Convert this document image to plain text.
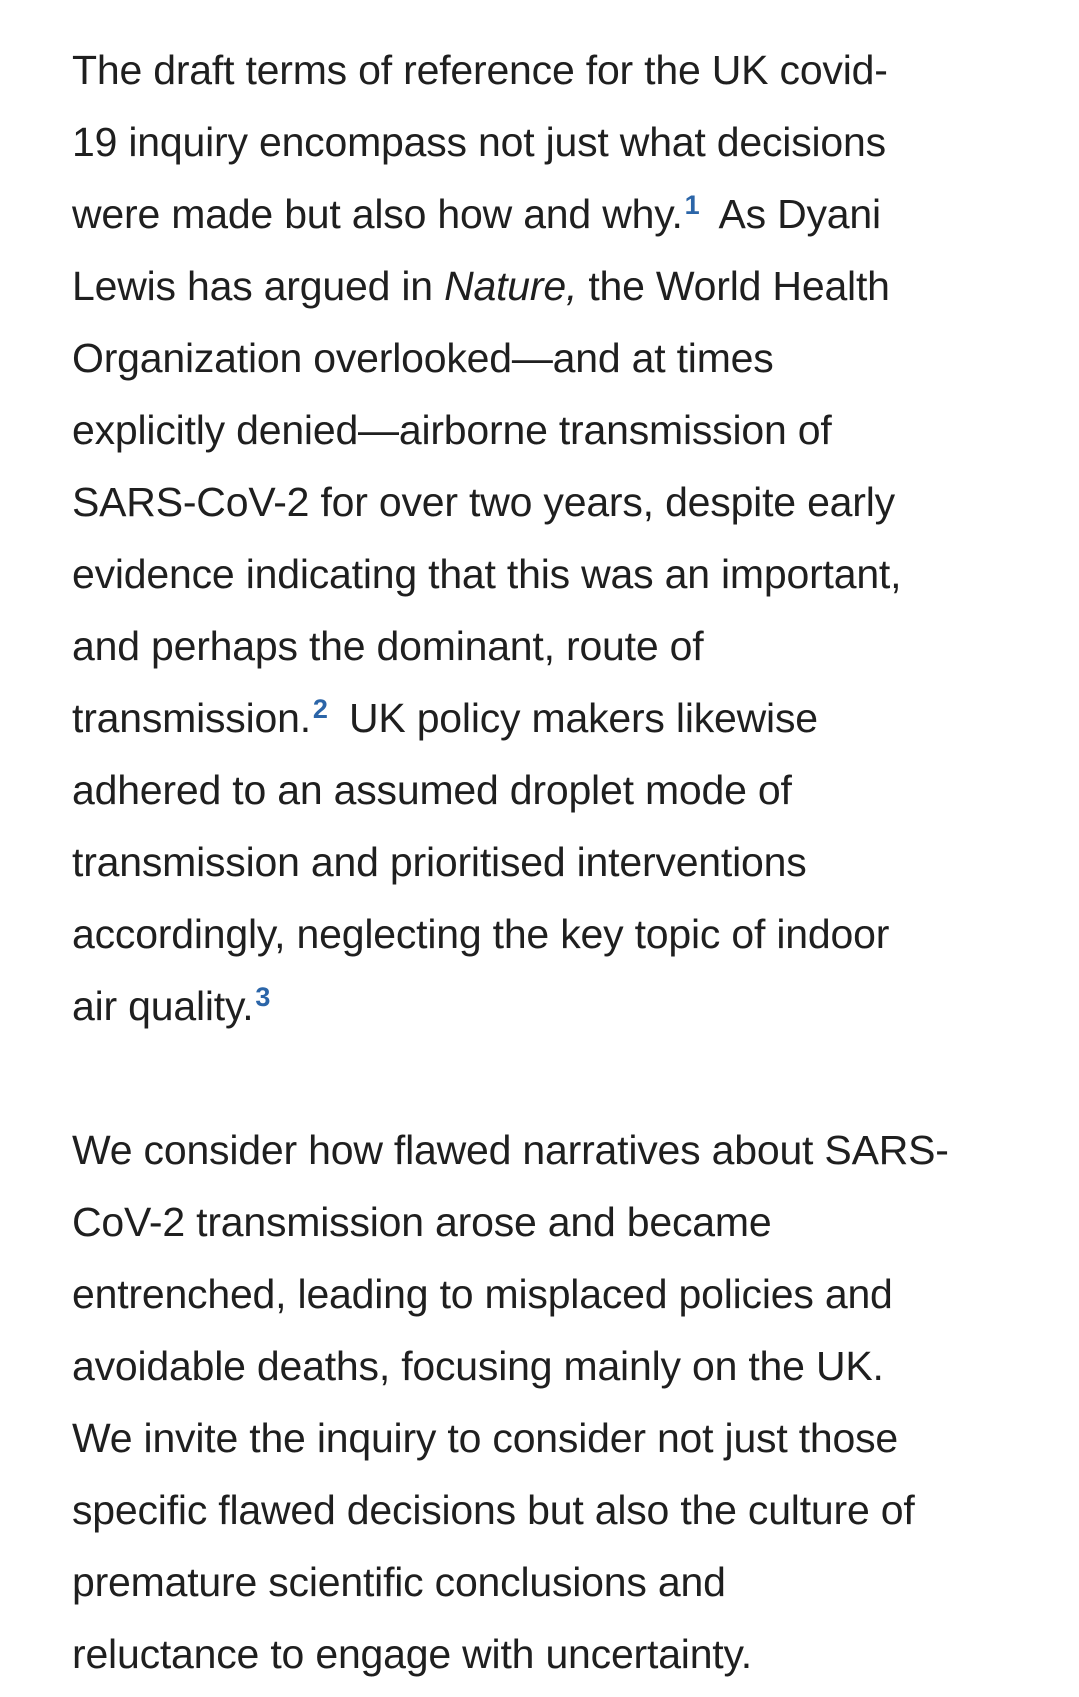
The draft terms of reference for the UK covid-
19 inquiry encompass not just what decisions
were made but also how and why.$^1$ As Dyani
Lewis has argued in Nature, the World Health
Organization overlooked—and at times
explicitly denied—airborne transmission of
SARS-CoV-2 for over two years, despite early
evidence indicating that this was an important,
and perhaps the dominant, route of
transmission.$^2$ UK policy makers likewise
adhered to an assumed droplet mode of
transmission and prioritised interventions
accordingly, neglecting the key topic of indoor
air quality.$^3$

We consider how flawed narratives about SARS-
CoV-2 transmission arose and became
entrenched, leading to misplaced policies and
avoidable deaths, focusing mainly on the UK.
We invite the inquiry to consider not just those
specific flawed decisions but also the culture of
premature scientific conclusions and
reluctance to engage with uncertainty.
